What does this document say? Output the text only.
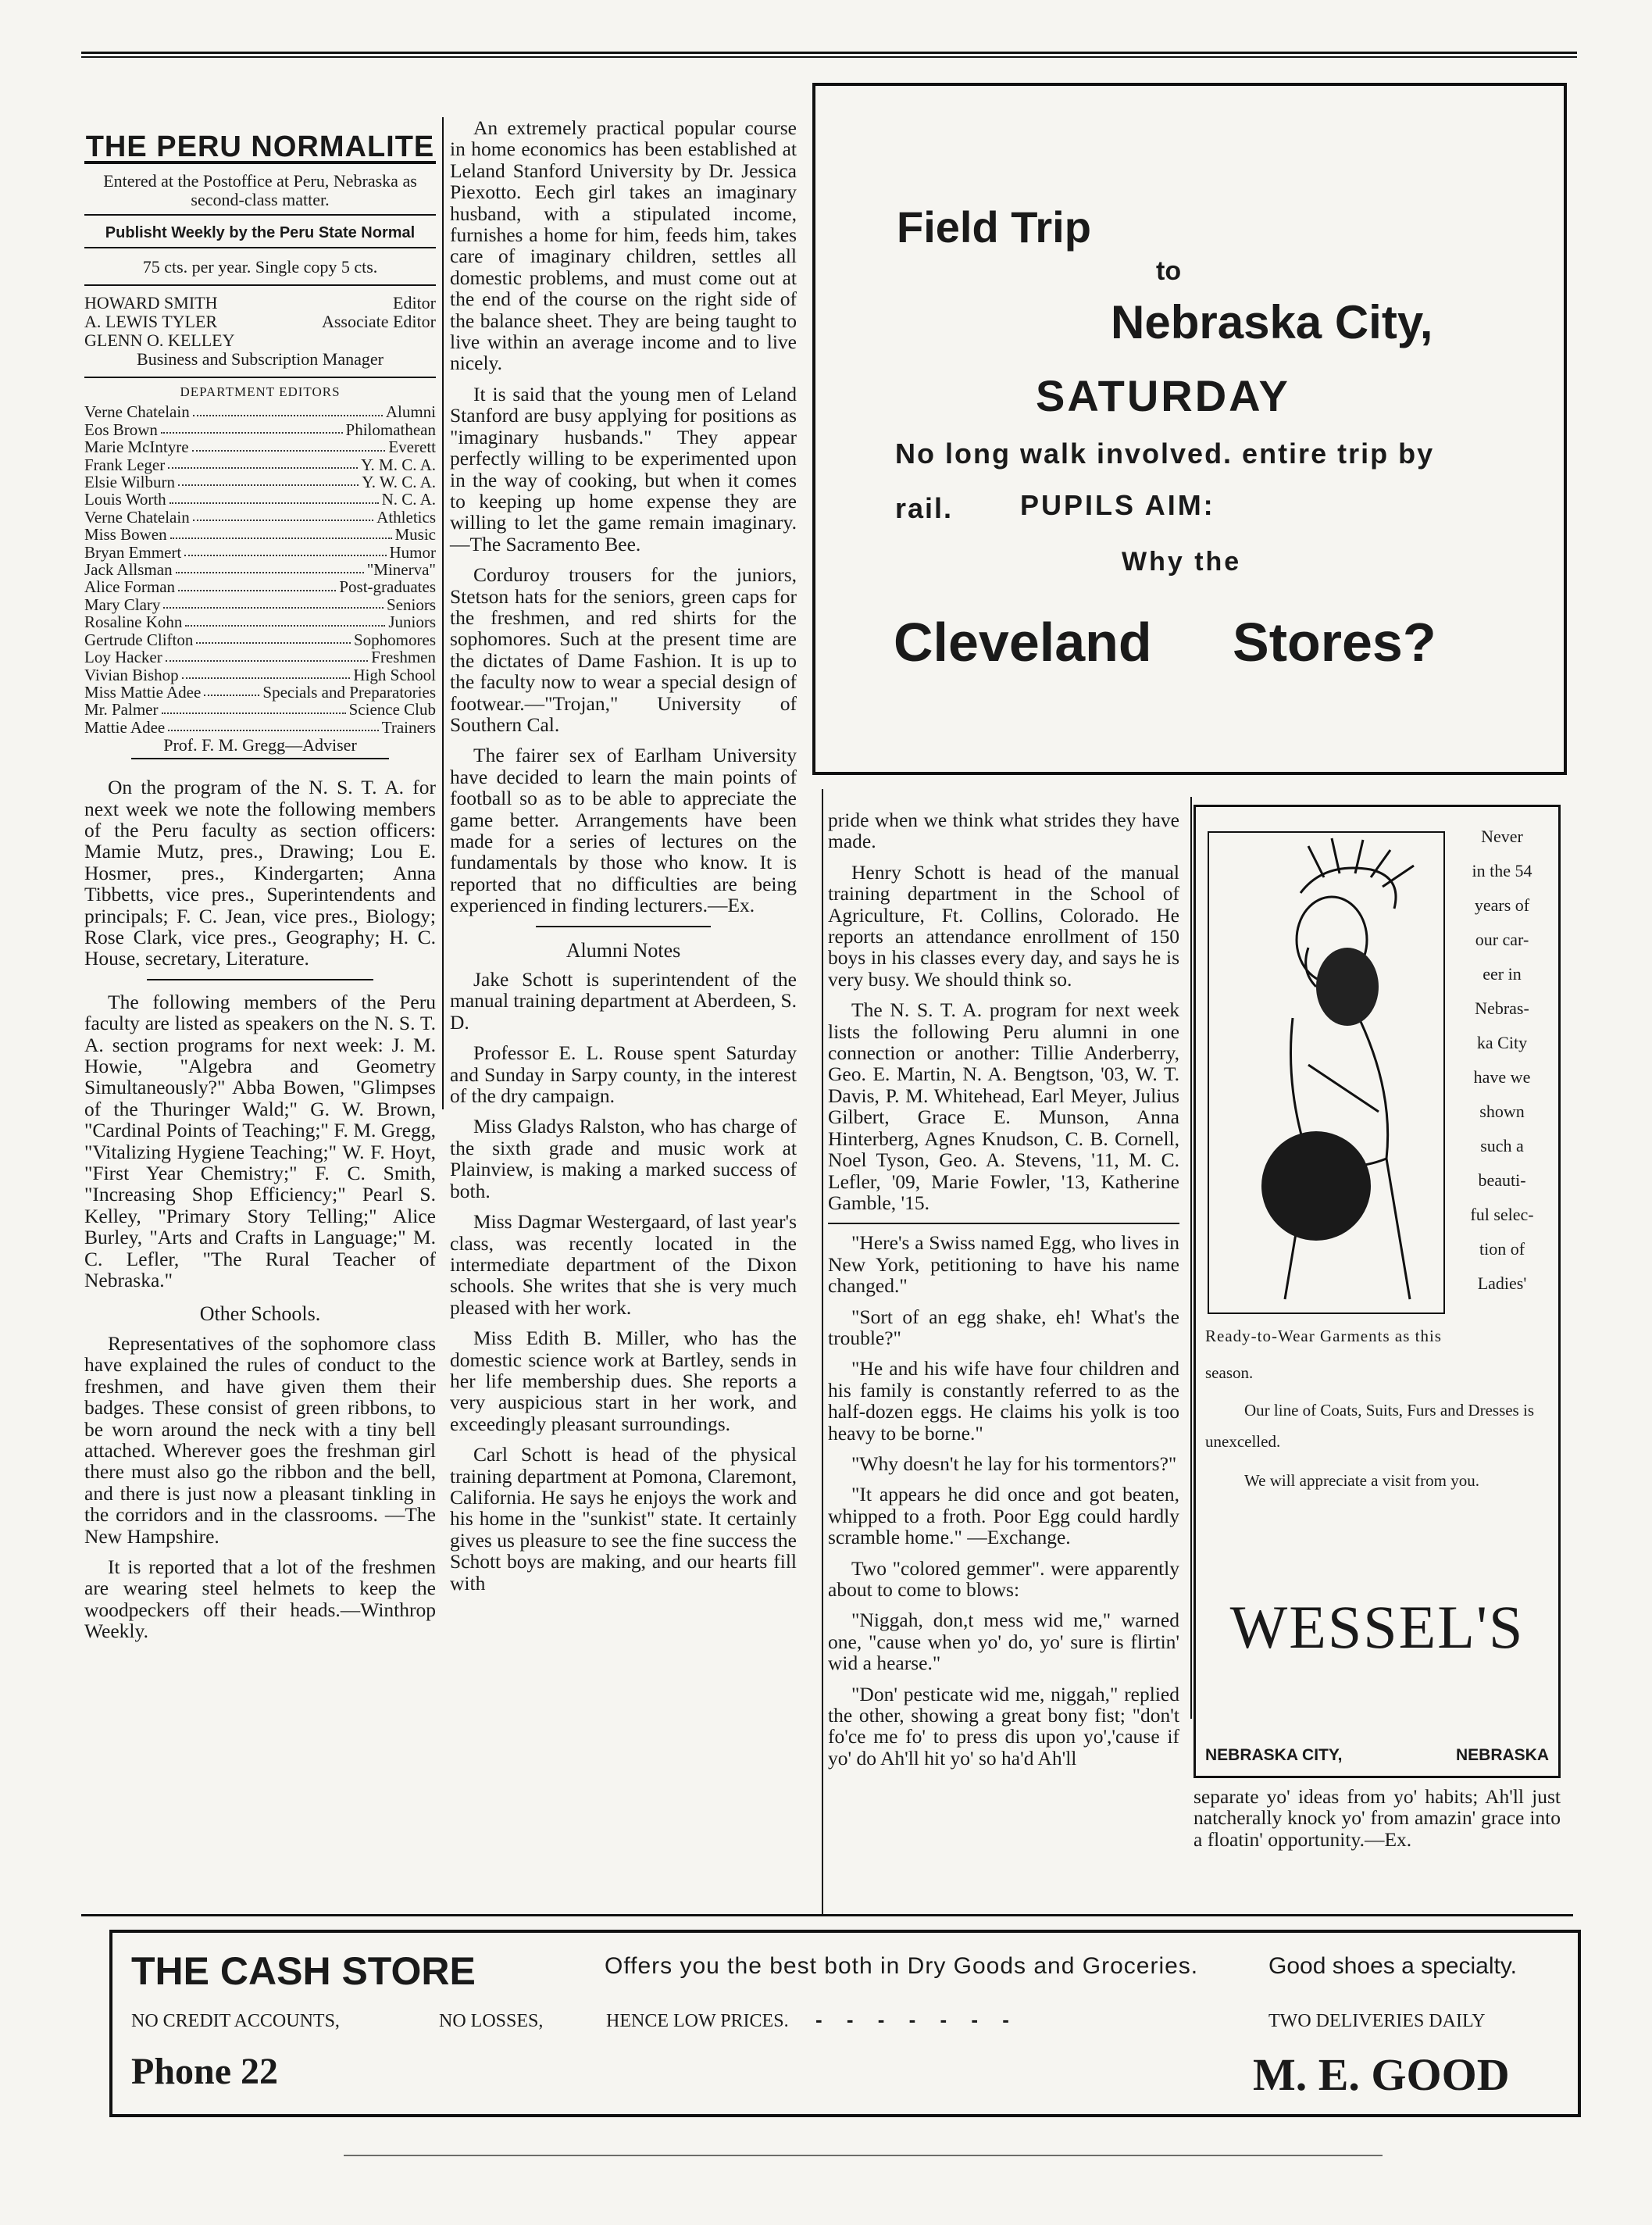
THE PERU NORMALITE
Entered at the Postoffice at Peru, Nebraska as second-class matter.
Publisht Weekly by the Peru State Normal
75 cts. per year. Single copy 5 cts.
HOWARD SMITH	Editor
A. LEWIS TYLER	Associate Editor
GLENN O. KELLEY
Business and Subscription Manager
DEPARTMENT EDITORS
Verne Chatelain	Alumni
Eos Brown	Philomathean
Marie McIntyre	Everett
Frank Leger	Y. M. C. A.
Elsie Wilburn	Y. W. C. A.
Louis Worth	N. C. A.
Verne Chatelain	Athletics
Miss Bowen	Music
Bryan Emmert	Humor
Jack Allsman	"Minerva"
Alice Forman	Post-graduates
Mary Clary	Seniors
Rosaline Kohn	Juniors
Gertrude Clifton	Sophomores
Loy Hacker	Freshmen
Vivian Bishop	High School
Miss Mattie Adee	Specials and Preparatories
Mr. Palmer	Science Club
Mattie Adee	Trainers
Prof. F. M. Gregg—Adviser

On the program of the N. S. T. A. for next week we note the following members of the Peru faculty as section officers: Mamie Mutz, pres., Drawing; Lou E. Hosmer, pres., Kindergarten; Anna Tibbetts, vice pres., Superintendents and principals; F. C. Jean, vice pres., Biology; Rose Clark, vice pres., Geography; H. C. House, secretary, Literature.

The following members of the Peru faculty are listed as speakers on the N. S. T. A. section programs for next week: J. M. Howie, "Algebra and Geometry Simultaneously?" Abba Bowen, "Glimpses of the Thuringer Wald;" G. W. Brown, "Cardinal Points of Teaching;" F. M. Gregg, "Vitalizing Hygiene Teaching;" W. F. Hoyt, "First Year Chemistry;" F. C. Smith, "Increasing Shop Efficiency;" Pearl S. Kelley, "Primary Story Telling;" Alice Burley, "Arts and Crafts in Language;" M. C. Lefler, "The Rural Teacher of Nebraska."

Other Schools.

Representatives of the sophomore class have explained the rules of conduct to the freshmen, and have given them their badges. These consist of green ribbons, to be worn around the neck with a tiny bell attached. Wherever goes the freshman girl there must also go the ribbon and the bell, and there is just now a pleasant tinkling in the corridors and in the classrooms. —The New Hampshire.

It is reported that a lot of the freshmen are wearing steel helmets to keep the woodpeckers off their heads.—Winthrop Weekly.

An extremely practical popular course in home economics has been established at Leland Stanford University by Dr. Jessica Piexotto. Eech girl takes an imaginary husband, with a stipulated income, furnishes a home for him, feeds him, takes care of imaginary children, settles all domestic problems, and must come out at the end of the course on the right side of the balance sheet. They are being taught to live within an average income and to live nicely.

It is said that the young men of Leland Stanford are busy applying for positions as "imaginary husbands." They appear perfectly willing to be experimented upon in the way of cooking, but when it comes to keeping up home expense they are willing to let the game remain imaginary.—The Sacramento Bee.

Corduroy trousers for the juniors, Stetson hats for the seniors, green caps for the freshmen, and red shirts for the sophomores. Such at the present time are the dictates of Dame Fashion. It is up to the faculty now to wear a special design of footwear.—"Trojan," University of Southern Cal.

The fairer sex of Earlham University have decided to learn the main points of football so as to be able to appreciate the game better. Arrangements have been made for a series of lectures on the fundamentals by those who know. It is reported that no difficulties are being experienced in finding lecturers.—Ex.

Alumni Notes

Jake Schott is superintendent of the manual training department at Aberdeen, S. D.

Professor E. L. Rouse spent Saturday and Sunday in Sarpy county, in the interest of the dry campaign.

Miss Gladys Ralston, who has charge of the sixth grade and music work at Plainview, is making a marked success of both.

Miss Dagmar Westergaard, of last year's class, was recently located in the intermediate department of the Dixon schools. She writes that she is very much pleased with her work.

Miss Edith B. Miller, who has the domestic science work at Bartley, sends in her life membership dues. She reports a very auspicious start in her work, and exceedingly pleasant surroundings.

Carl Schott is head of the physical training department at Pomona, Claremont, California. He says he enjoys the work and his home in the "sunkist" state. It certainly gives us pleasure to see the fine success the Schott boys are making, and our hearts fill with

Field Trip
to
Nebraska City,
SATURDAY
No long walk involved. entire trip by
rail. PUPILS AIM:
Why the
Cleveland Stores?

pride when we think what strides they have made.

Henry Schott is head of the manual training department in the School of Agriculture, Ft. Collins, Colorado. He reports an attendance enrollment of 150 boys in his classes every day, and says he is very busy. We should think so.

The N. S. T. A. program for next week lists the following Peru alumni in one connection or another: Tillie Anderberry, Geo. E. Martin, N. A. Bengtson, '03, W. T. Davis, P. M. Whitehead, Earl Meyer, Julius Gilbert, Grace E. Munson, Anna Hinterberg, Agnes Knudson, C. B. Cornell, Noel Tyson, Geo. A. Stevens, '11, M. C. Lefler, '09, Marie Fowler, '13, Katherine Gamble, '15.

"Here's a Swiss named Egg, who lives in New York, petitioning to have his name changed."

"Sort of an egg shake, eh! What's the trouble?"

"He and his wife have four children and his family is constantly referred to as the half-dozen eggs. He claims his yolk is too heavy to be borne."

"Why doesn't he lay for his tormentors?"

"It appears he did once and got beaten, whipped to a froth. Poor Egg could hardly scramble home." —Exchange.

Two "colored gemmer". were apparently about to come to blows:

"Niggah, don,t mess wid me," warned one, "cause when yo' do, yo' sure is flirtin' wid a hearse."

"Don' pesticate wid me, niggah," replied the other, showing a great bony fist; "don't fo'ce me fo' to press dis upon yo','cause if yo' do Ah'll hit yo' so ha'd Ah'll

Never
in the 54
years of
our car-
eer in
Nebras-
ka City
have we
shown
such a
beauti-
ful selec-
tion of
Ladies'
Ready-to-Wear Garments as this
season.
Our line of Coats, Suits, Furs and Dresses is unexcelled.
We will appreciate a visit from you.
WESSEL'S
NEBRASKA CITY,	NEBRASKA

separate yo' ideas from yo' habits; Ah'll just natcherally knock yo' from amazin' grace into a floatin' opportunity.—Ex.

THE CASH STORE	Offers you the best both in Dry Goods and Groceries.	Good shoes a specialty.
NO CREDIT ACCOUNTS,	NO LOSSES,	HENCE LOW PRICES. - - - - - - -	TWO DELIVERIES DAILY
Phone 22	M. E. GOOD
